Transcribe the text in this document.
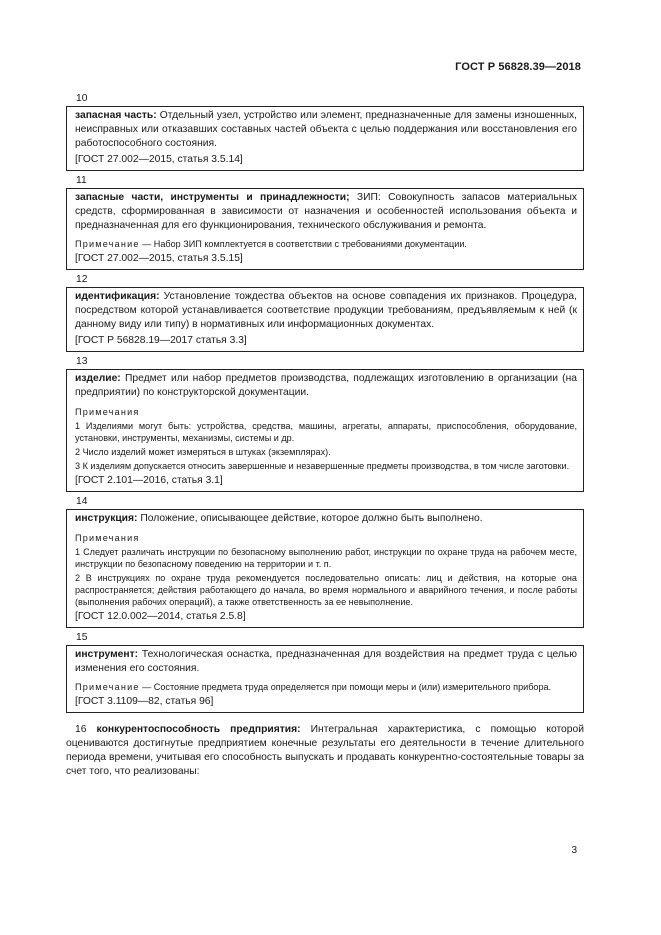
ГОСТ Р 56828.39—2018
10

запасная часть: Отдельный узел, устройство или элемент, предназначенные для замены изношенных, неисправных или отказавших составных частей объекта с целью поддержания или восстановления его работоспособного состояния.

[ГОСТ 27.002—2015, статья 3.5.14]

11

запасные части, инструменты и принадлежности; ЗИП: Совокупность запасов материальных средств, сформированная в зависимости от назначения и особенностей использования объекта и предназначенная для его функционирования, технического обслуживания и ремонта.

Примечание — Набор ЗИП комплектуется в соответствии с требованиями документации.

[ГОСТ 27.002—2015, статья 3.5.15]

12

идентификация: Установление тождества объектов на основе совпадения их признаков. Процедура, посредством которой устанавливается соответствие продукции требованиям, предъявляемым к ней (к данному виду или типу) в нормативных или информационных документах.

[ГОСТ Р 56828.19—2017 статья 3.3]

13

изделие: Предмет или набор предметов производства, подлежащих изготовлению в организации (на предприятии) по конструкторской документации.

Примечания

1 Изделиями могут быть: устройства, средства, машины, агрегаты, аппараты, приспособления, оборудование, установки, инструменты, механизмы, системы и др.

2 Число изделий может измеряться в штуках (экземплярах).

3 К изделиям допускается относить завершенные и незавершенные предметы производства, в том числе заготовки.

[ГОСТ 2.101—2016, статья 3.1]

14

инструкция: Положение, описывающее действие, которое должно быть выполнено.

Примечания

1 Следует различать инструкции по безопасному выполнению работ, инструкции по охране труда на рабочем месте, инструкции по безопасному поведению на территории и т. п.

2 В инструкциях по охране труда рекомендуется последовательно описать: лиц и действия, на которые она распространяется; действия работающего до начала, во время нормального и аварийного течения, и после работы (выполнения рабочих операций), а также ответственность за ее невыполнение.

[ГОСТ 12.0.002—2014, статья 2.5.8]

15

инструмент: Технологическая оснастка, предназначенная для воздействия на предмет труда с целью изменения его состояния.

Примечание — Состояние предмета труда определяется при помощи меры и (или) измерительного прибора.

[ГОСТ 3.1109—82, статья 96]

16 конкурентоспособность предприятия: Интегральная характеристика, с помощью которой оцениваются достигнутые предприятием конечные результаты его деятельности в течение длительного периода времени, учитывая его способность выпускать и продавать конкурентно-состоятельные товары за счет того, что реализованы:

3
